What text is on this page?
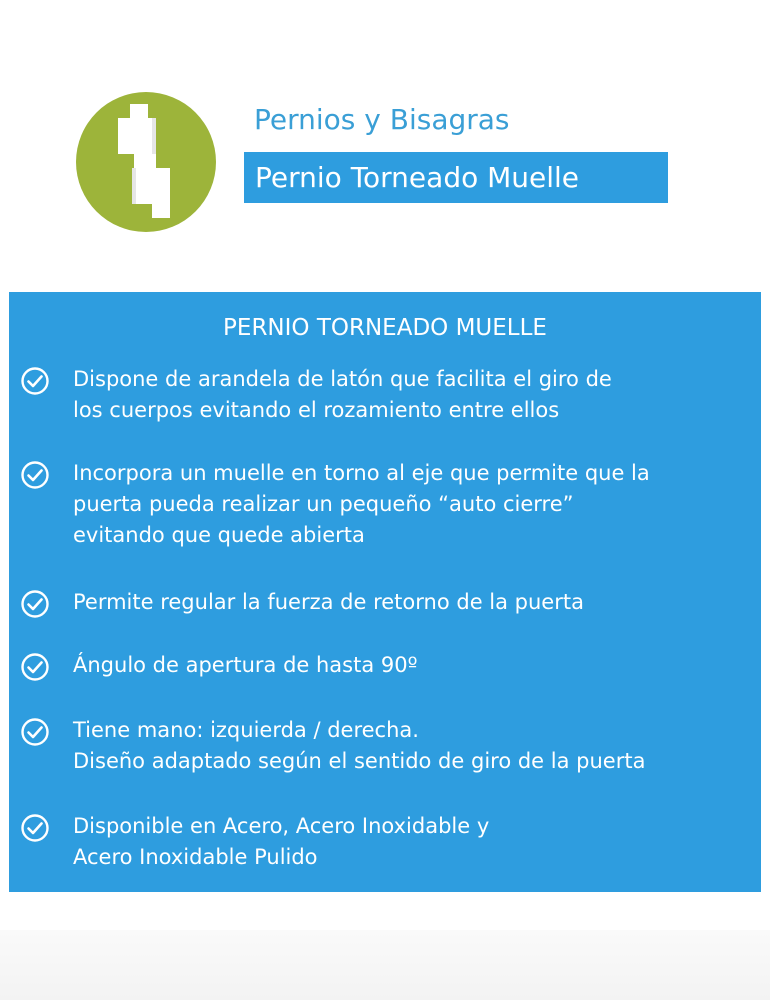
Pernios y Bisagras
Pernio Torneado Muelle
PERNIO TORNEADO MUELLE
Dispone de arandela de latón que facilita el giro de
los cuerpos evitando el rozamiento entre ellos
Incorpora un muelle en torno al eje que permite que la
puerta pueda realizar un pequeño “auto cierre”
evitando que quede abierta
Permite regular la fuerza de retorno de la puerta
Ángulo de apertura de hasta 90º
Tiene mano: izquierda / derecha.
Diseño adaptado según el sentido de giro de la puerta
Disponible en Acero, Acero Inoxidable y
Acero Inoxidable Pulido
